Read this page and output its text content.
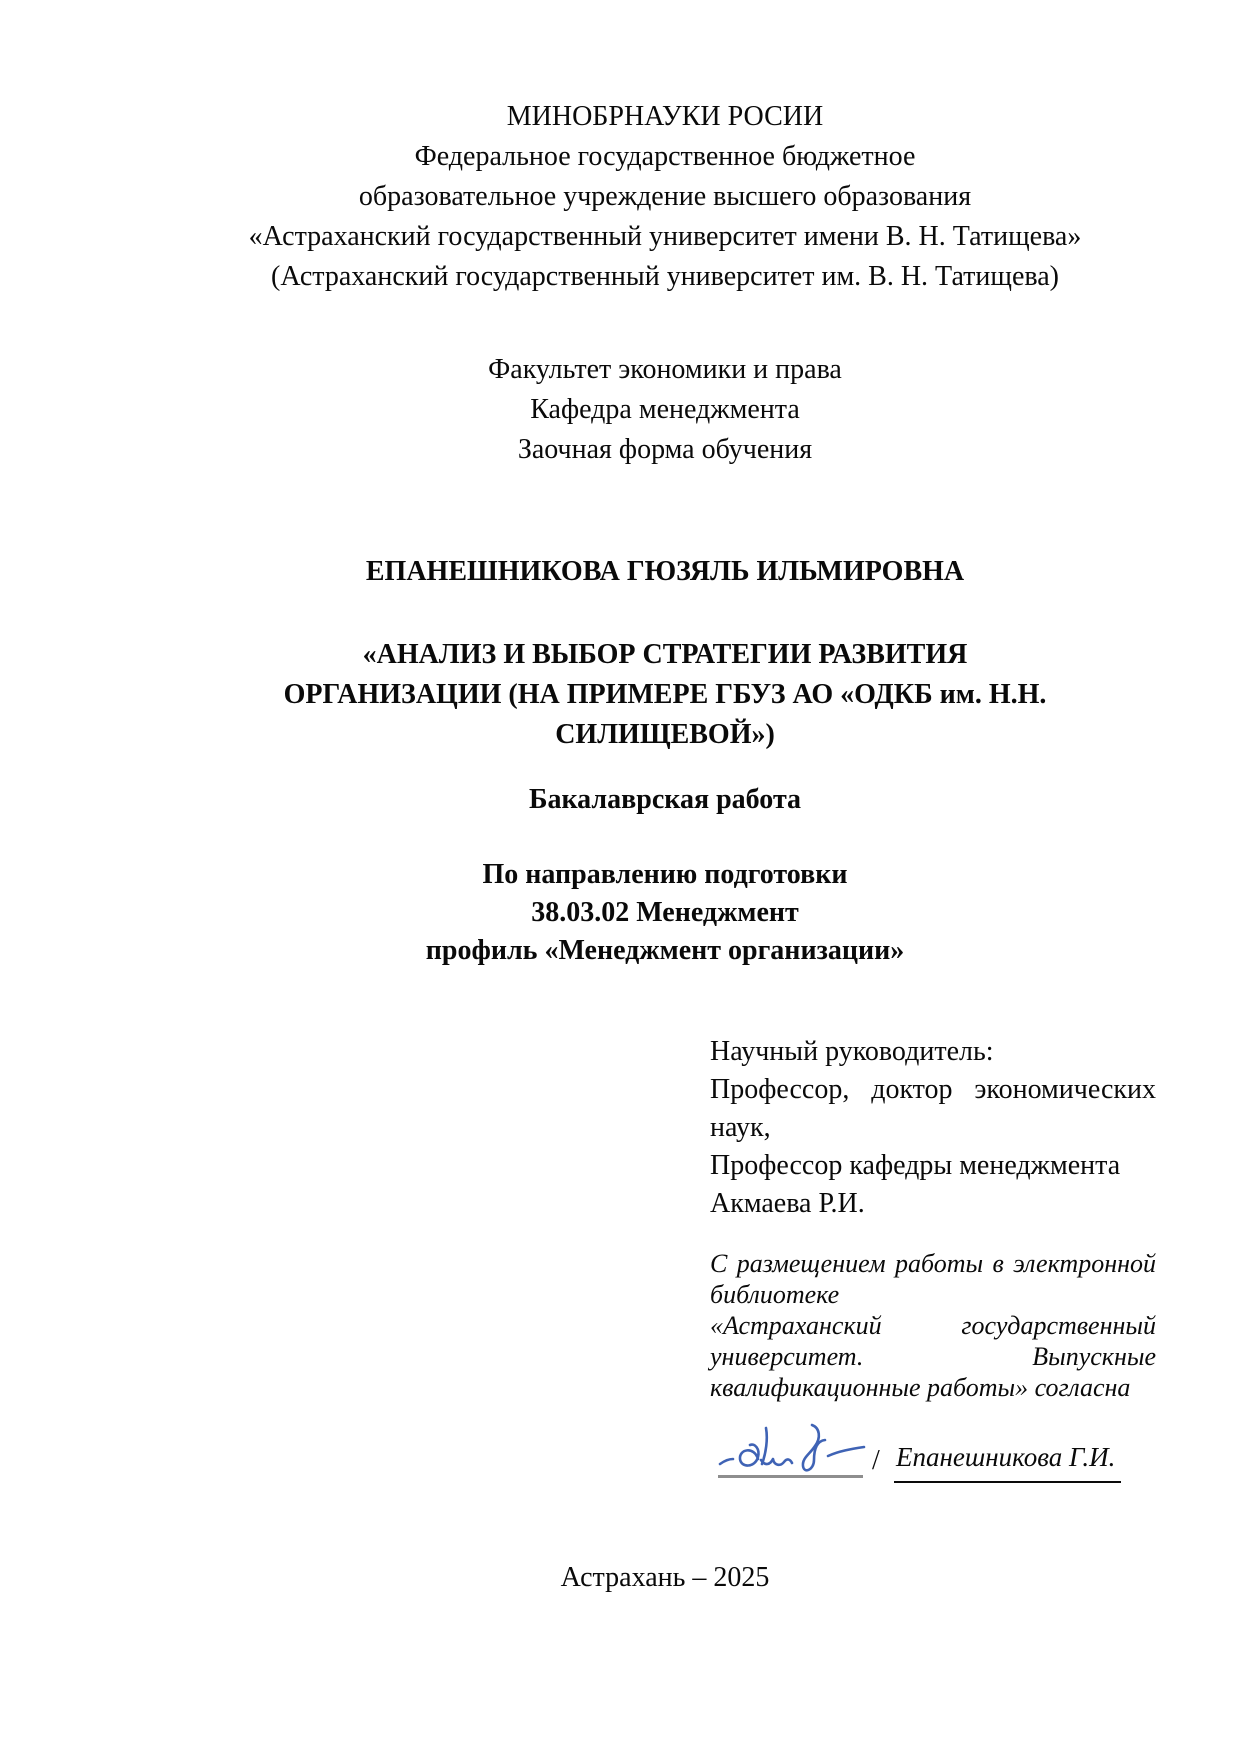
МИНОБРНАУКИ РОСИИ
Федеральное государственное бюджетное
образовательное учреждение высшего образования
«Астраханский государственный университет имени В. Н. Татищева»
(Астраханский государственный университет им. В. Н. Татищева)
Факультет экономики и права
Кафедра менеджмента
Заочная форма обучения
ЕПАНЕШНИКОВА ГЮЗЯЛЬ ИЛЬМИРОВНА
«АНАЛИЗ И ВЫБОР СТРАТЕГИИ РАЗВИТИЯ
ОРГАНИЗАЦИИ (НА ПРИМЕРЕ ГБУЗ АО «ОДКБ им. Н.Н.
СИЛИЩЕВОЙ»)
Бакалаврская работа
По направлению подготовки
38.03.02 Менеджмент
профиль «Менеджмент организации»
Научный руководитель:
Профессор, доктор экономических
наук,
Профессор кафедры менеджмента
Акмаева Р.И.
С размещением работы в электронной
библиотеке
«Астраханский государственный
университет. Выпускные
квалификационные работы» согласна
/ Епанешникова Г.И.
Астрахань – 2025
